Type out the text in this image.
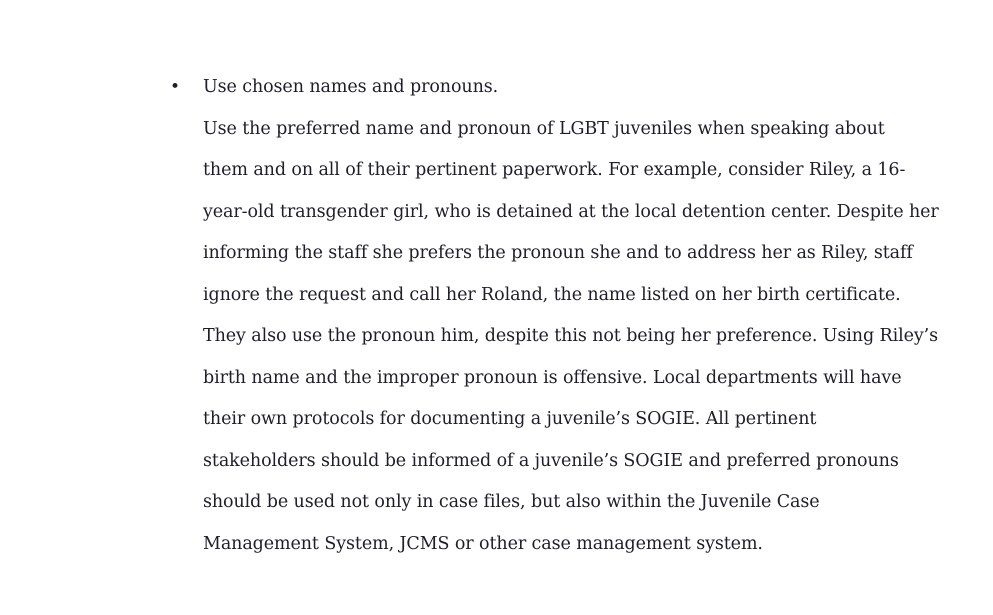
• Use chosen names and pronouns.
Use the preferred name and pronoun of LGBT juveniles when speaking about
them and on all of their pertinent paperwork. For example, consider Riley, a 16-
year-old transgender girl, who is detained at the local detention center. Despite her
informing the staff she prefers the pronoun she and to address her as Riley, staff
ignore the request and call her Roland, the name listed on her birth certificate.
They also use the pronoun him, despite this not being her preference. Using Riley’s
birth name and the improper pronoun is offensive. Local departments will have
their own protocols for documenting a juvenile’s SOGIE. All pertinent
stakeholders should be informed of a juvenile’s SOGIE and preferred pronouns
should be used not only in case files, but also within the Juvenile Case
Management System, JCMS or other case management system.
